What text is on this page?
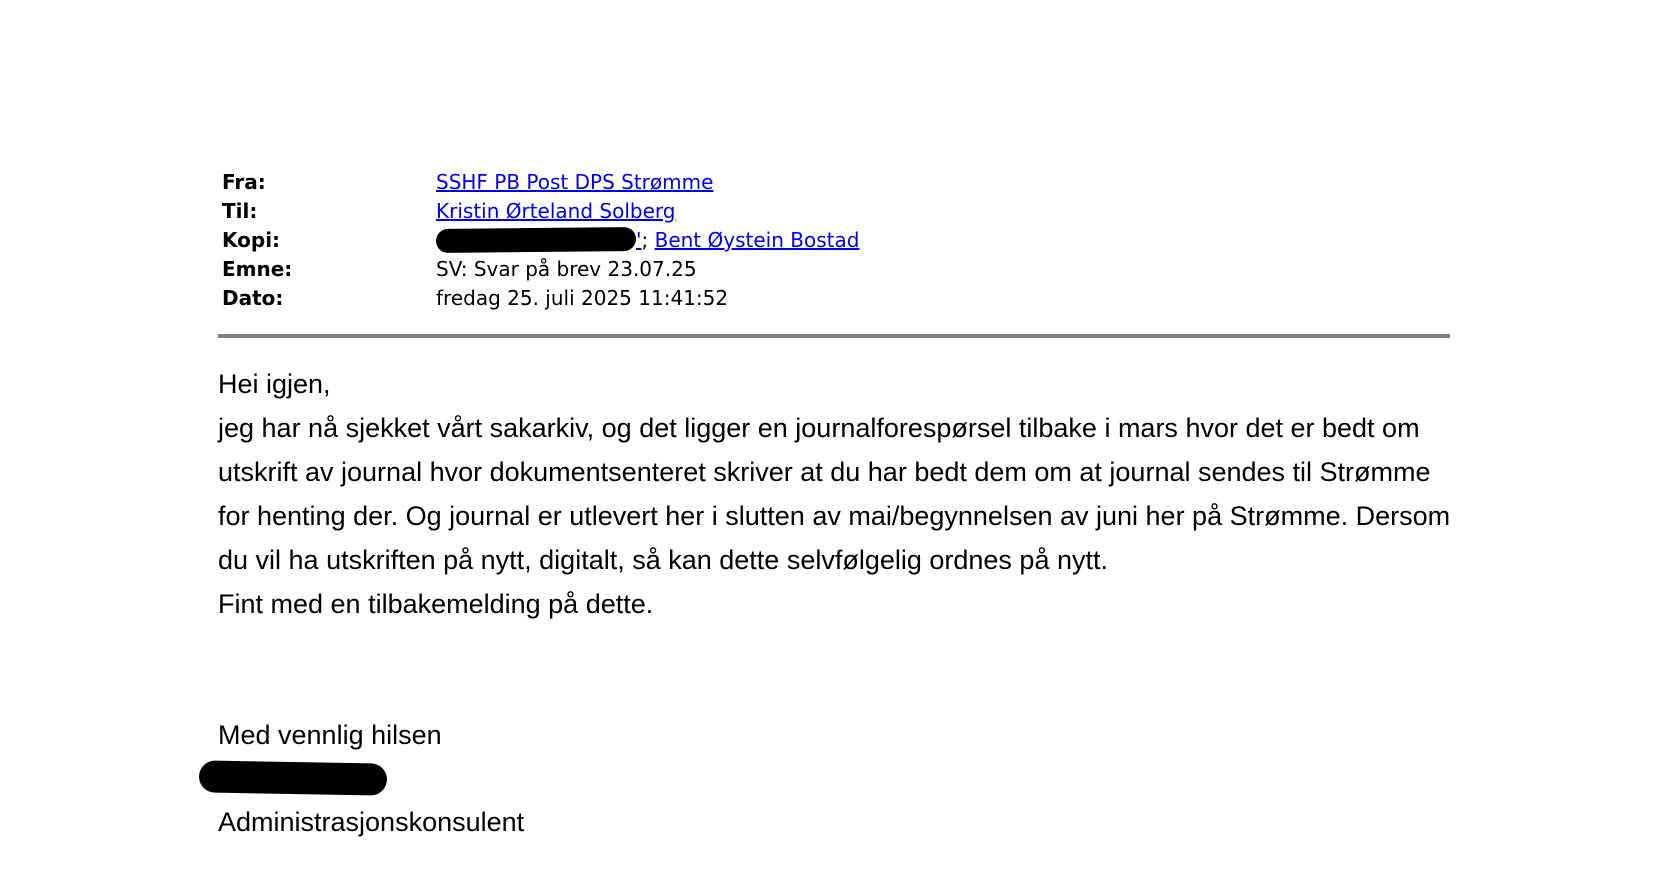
Fra:	SSHF PB Post DPS Strømme
Til:	Kristin Ørteland Solberg
Kopi:	'; Bent Øystein Bostad
Emne:	SV: Svar på brev 23.07.25
Dato:	fredag 25. juli 2025 11:41:52

Hei igjen,

jeg har nå sjekket vårt sakarkiv, og det ligger en journalforespørsel tilbake i mars hvor det er bedt om utskrift av journal hvor dokumentsenteret skriver at du har bedt dem om at journal sendes til Strømme for henting der. Og journal er utlevert her i slutten av mai/begynnelsen av juni her på Strømme. Dersom du vil ha utskriften på nytt, digitalt, så kan dette selvfølgelig ordnes på nytt.

Fint med en tilbakemelding på dette.

Med vennlig hilsen
Administrasjonskonsulent
